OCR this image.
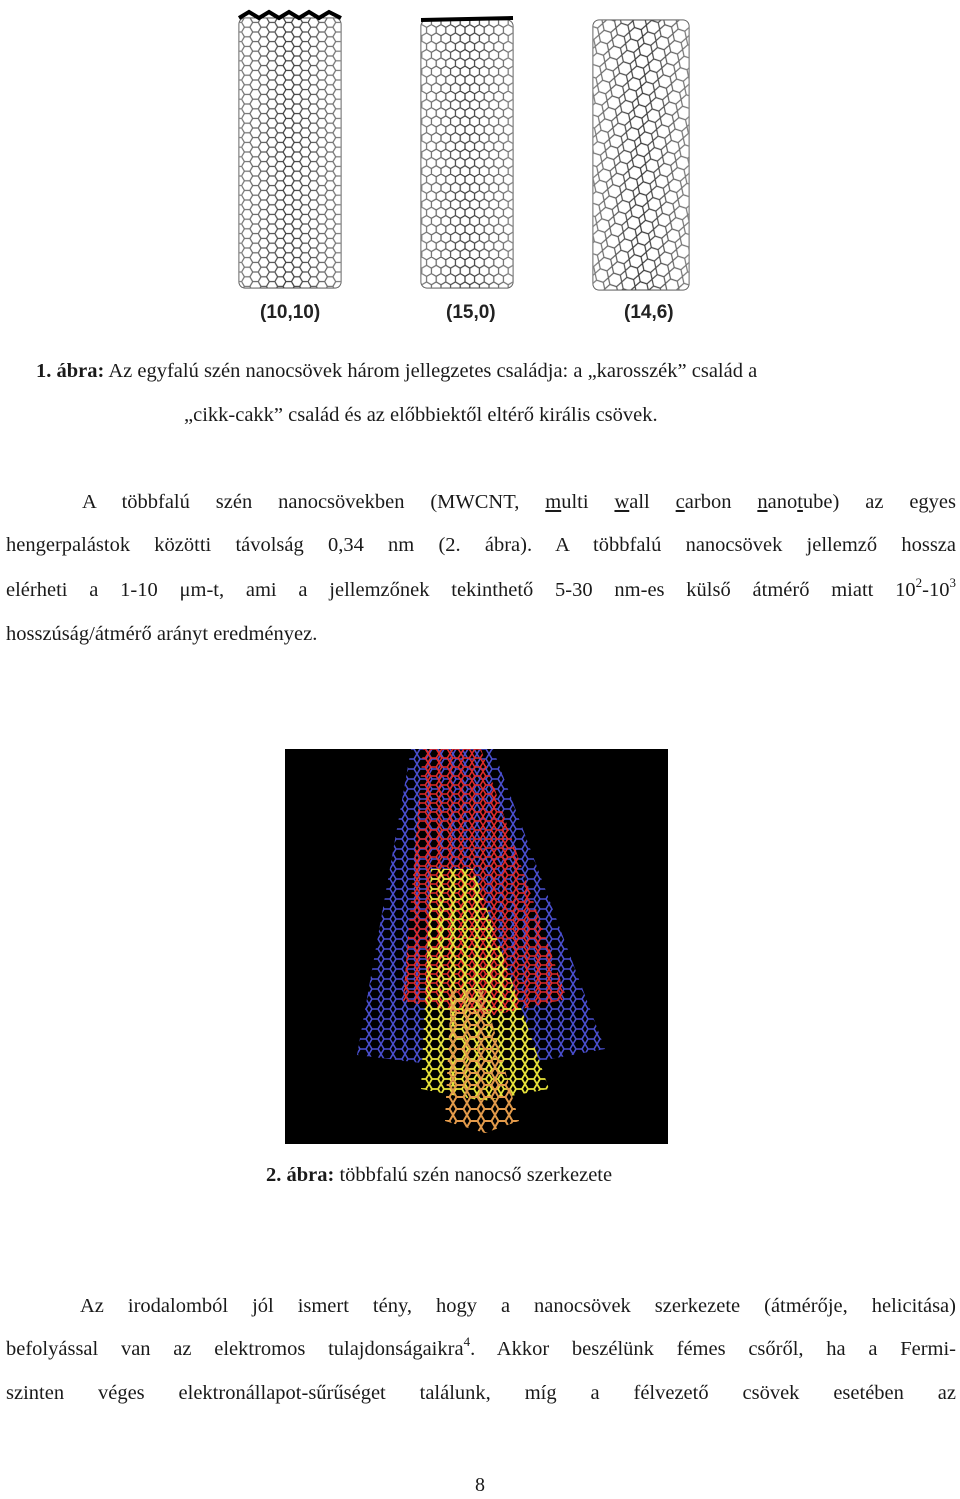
(10,10)	(15,0)	(14,6)
1. ábra: Az egyfalú szén nanocsövek három jellegzetes családja: a „karosszék” család a
„cikk-cakk” család és az előbbiektől eltérő királis csövek.
A többfalú szén nanocsövekben (MWCNT, multi wall carbon nanotube) az egyes
hengerpalástok közötti távolság 0,34 nm (2. ábra). A többfalú nanocsövek jellemző hossza
elérheti a 1-10 μm-t, ami a jellemzőnek tekinthető 5-30 nm-es külső átmérő miatt $10^2-10^3$
hosszúság/átmérő arányt eredményez.
2. ábra: többfalú szén nanocső szerkezete
Az irodalomból jól ismert tény, hogy a nanocsövek szerkezete (átmérője, helicitása)
befolyással van az elektromos tulajdonságaikra$^4$. Akkor beszélünk fémes csőről, ha a Fermi-
szinten véges elektronállapot-sűrűséget találunk, míg a félvezető csövek esetében az
8
